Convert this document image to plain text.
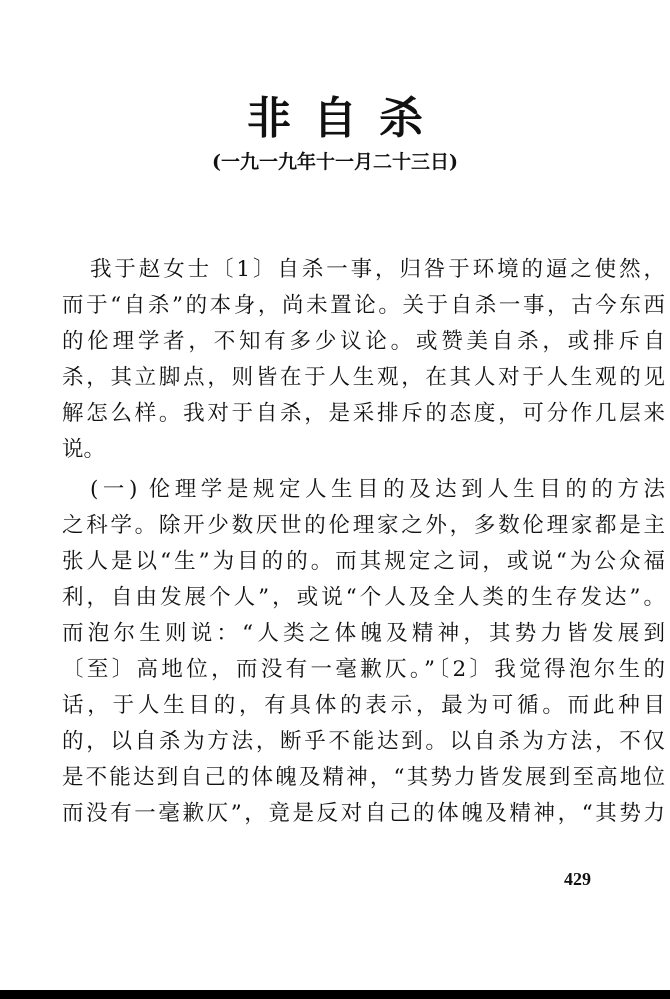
非自杀
(一九一九年十一月二十三日)
我于赵女士〔1〕自杀一事，归咎于环境的逼之使然，
而于“自杀”的本身，尚未置论。关于自杀一事，古今东西
的伦理学者，不知有多少议论。或赞美自杀，或排斥自
杀，其立脚点，则皆在于人生观，在其人对于人生观的见
解怎么样。我对于自杀，是采排斥的态度，可分作几层来
说。
(一) 伦理学是规定人生目的及达到人生目的的方法
之科学。除开少数厌世的伦理家之外，多数伦理家都是主
张人是以“生”为目的的。而其规定之词，或说“为公众福
利，自由发展个人”，或说“个人及全人类的生存发达”。
而泡尔生则说：“人类之体魄及精神，其势力皆发展到
〔至〕高地位，而没有一毫歉仄。”〔2〕我觉得泡尔生的
话，于人生目的，有具体的表示，最为可循。而此种目
的，以自杀为方法，断乎不能达到。以自杀为方法，不仅
是不能达到自己的体魄及精神，“其势力皆发展到至高地位
而没有一毫歉仄”，竟是反对自己的体魄及精神，“其势力
429
